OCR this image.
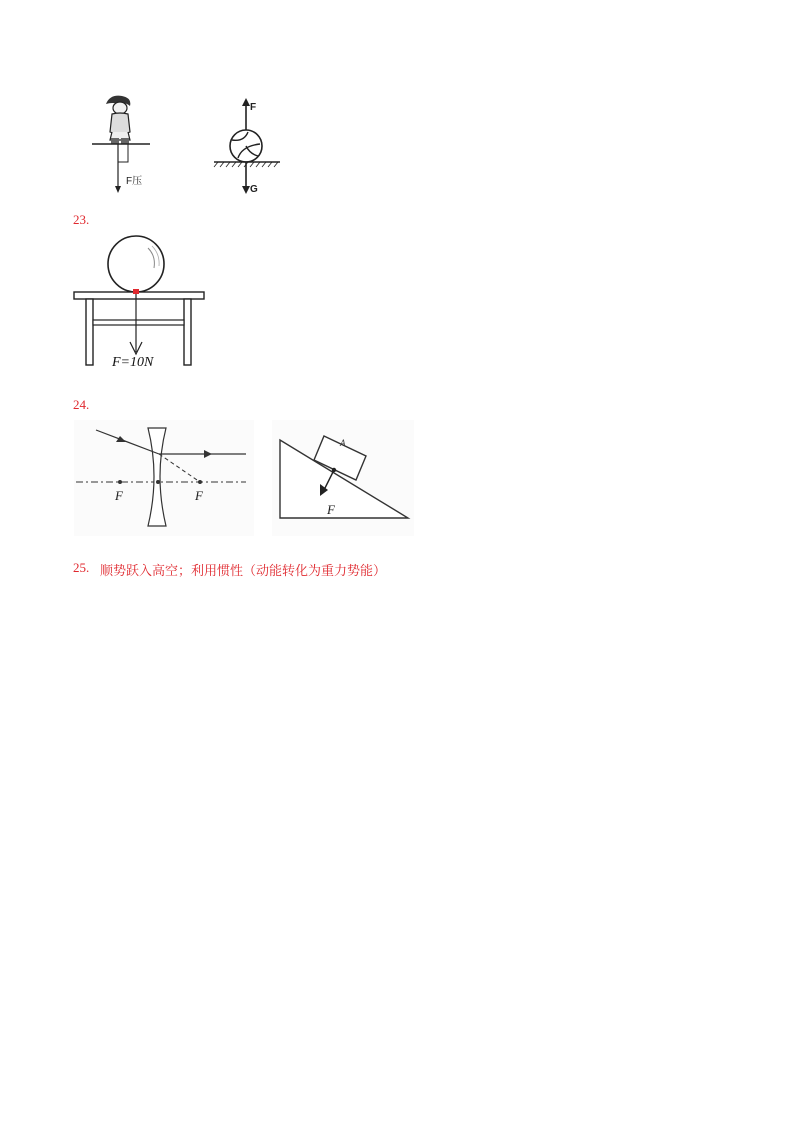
F压
F
G
23.
F=10N
24.
F	F
A
F
25. 顺势跃入高空；利用惯性（动能转化为重力势能）
